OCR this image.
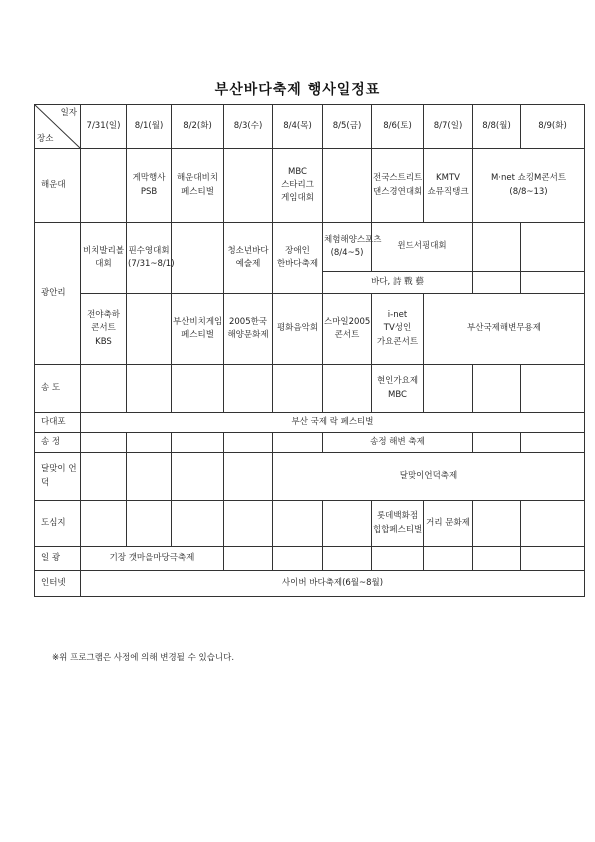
부산바다축제 행사일정표
일자
장소	7/31(일)	8/1(월)	8/2(화)	8/3(수)	8/4(목)	8/5(금)	8/6(토)	8/7(일)	8/8(월)	8/9(화)
해운대		게막행사 PSB	해운대비치 페스티벌		MBC 스타리그 게임대회		전국스트리트 댄스경연대회	KMTV 쇼뮤직탱크	M·net 쇼킹M콘서트(8/8~13)	
광안리	비치발리볼 대회	핀수영대회 (7/31~8/1)		청소년바다 예술제	장애인 한바다축제	체험해양스포츠(8/4~5)	윈드서핑대회			
						바다, 詩 戰 藝				
	전야축하 콘서트 KBS		부산비치게임 페스티벌	2005한국 해양문화제	평화음악회	스마일2005 콘서트	i-net TV성인 가요콘서트	부산국제해변무용제		
송 도							현인가요제 MBC			
다대포	부산 국제 락 페스티벌									
송 정						송정 해변 축제				
달맞이 언 덕					달맞이언덕축제					
도심지							롯데백화점 힙합페스티벌	거리 문화제		
일 광	기장 갯마을마당극축제									
인터넷	사이버 바다축제(6월~8월)									
※위 프로그램은 사정에 의해 변경될 수 있습니다.
